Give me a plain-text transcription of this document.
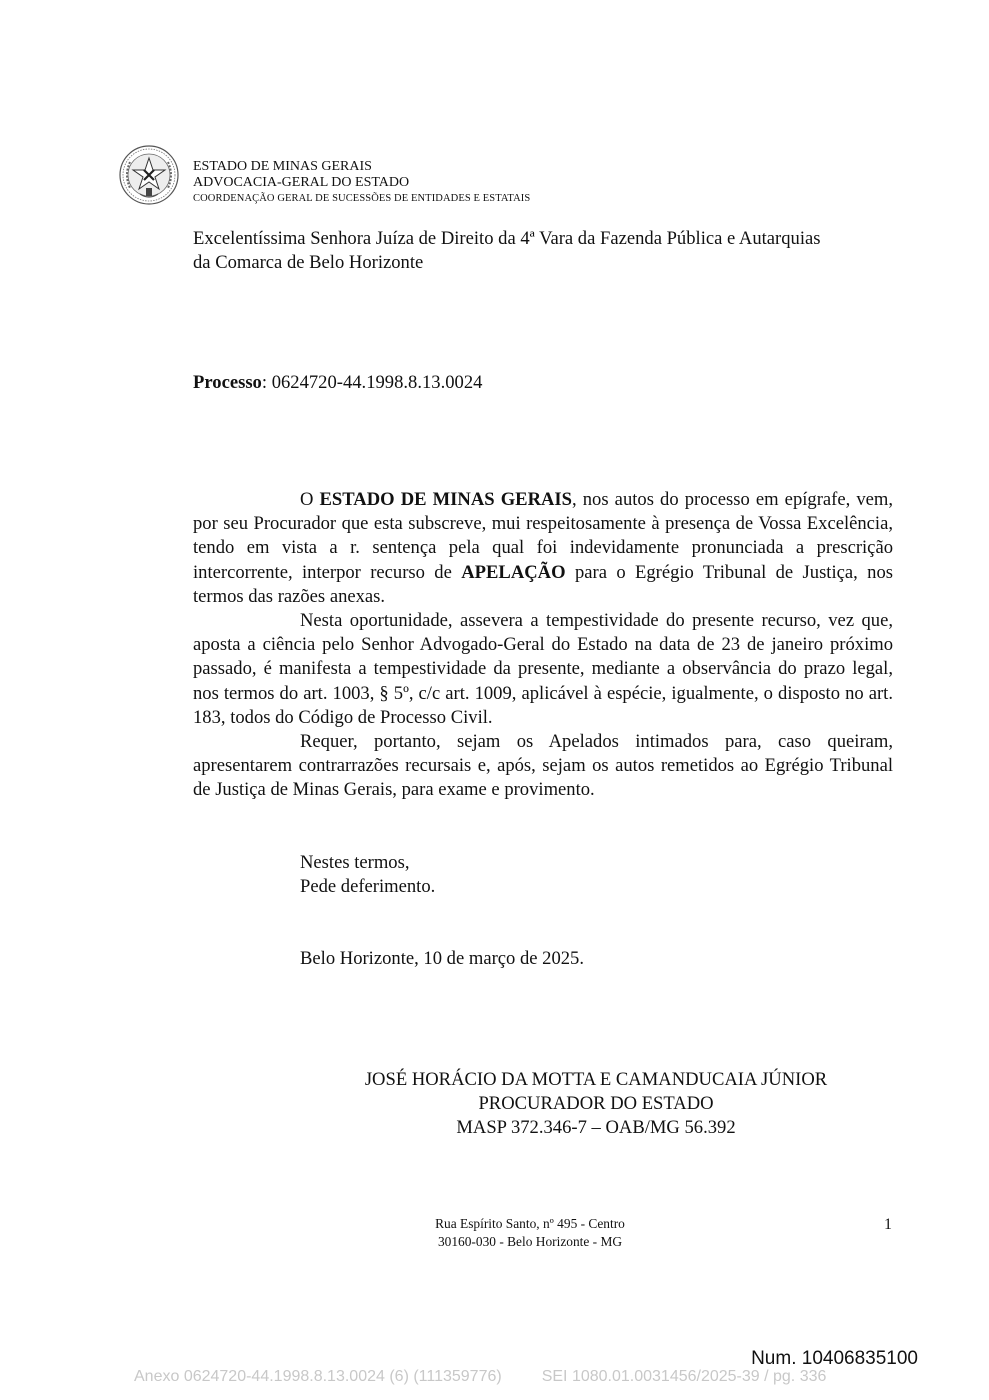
ESTADO DE MINAS GERAIS
ADVOCACIA-GERAL DO ESTADO
COORDENAÇÃO GERAL DE SUCESSÕES DE ENTIDADES E ESTATAIS
Excelentíssima Senhora Juíza de Direito da 4ª Vara da Fazenda Pública e Autarquias
da Comarca de Belo Horizonte
Processo: 0624720-44.1998.8.13.0024

O ESTADO DE MINAS GERAIS, nos autos do processo em epígrafe, vem, por seu Procurador que esta subscreve, mui respeitosamente à presença de Vossa Excelência, tendo em vista a r. sentença pela qual foi indevidamente pronunciada a prescrição intercorrente, interpor recurso de APELAÇÃO para o Egrégio Tribunal de Justiça, nos termos das razões anexas.

Nesta oportunidade, assevera a tempestividade do presente recurso, vez que, aposta a ciência pelo Senhor Advogado-Geral do Estado na data de 23 de janeiro próximo passado, é manifesta a tempestividade da presente, mediante a observância do prazo legal, nos termos do art. 1003, § 5º, c/c art. 1009, aplicável à espécie, igualmente, o disposto no art. 183, todos do Código de Processo Civil.

Requer, portanto, sejam os Apelados intimados para, caso queiram, apresentarem contrarrazões recursais e, após, sejam os autos remetidos ao Egrégio Tribunal de Justiça de Minas Gerais, para exame e provimento.

Nestes termos,
Pede deferimento.
Belo Horizonte, 10 de março de 2025.
JOSÉ HORÁCIO DA MOTTA E CAMANDUCAIA JÚNIOR
PROCURADOR DO ESTADO
MASP 372.346-7 – OAB/MG 56.392
Rua Espírito Santo, nº 495 - Centro
30160-030 - Belo Horizonte - MG
1
Num. 10406835100
Anexo 0624720-44.1998.8.13.0024 (6) (111359776)	SEI 1080.01.0031456/2025-39 / pg. 336
